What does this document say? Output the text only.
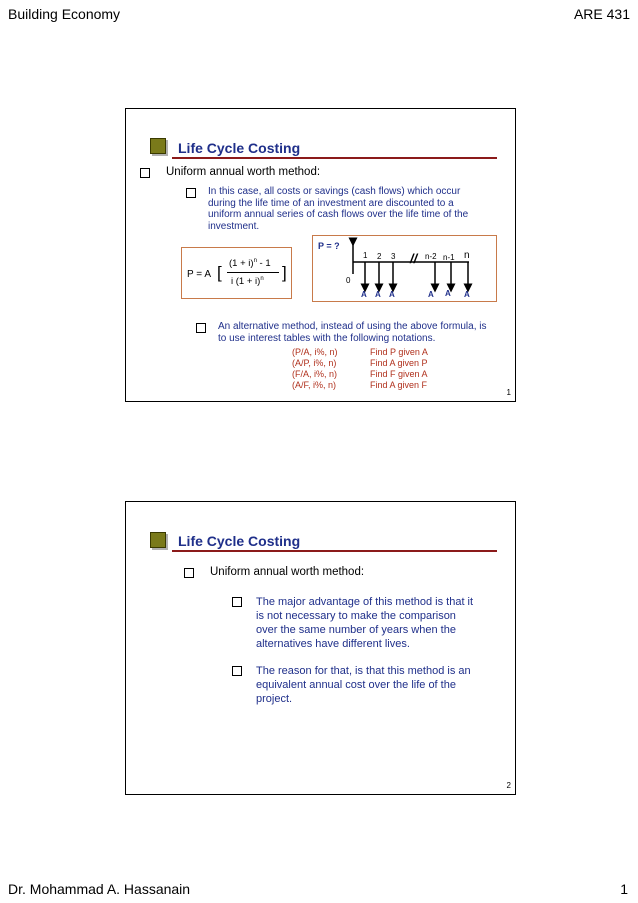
Building Economy	ARE 431
Dr. Mohammad A. Hassanain	1
Life Cycle Costing
Uniform annual worth method:
In this case, all costs or savings (cash flows) which occur
during the life time of an investment are discounted to a
uniform annual series of cash flows over the life time of the
investment.
P = A [ $(1 + i)^n - 1$
i $(1 + i)^n$ ]
P = ?
//
0
1 2 3	n-2 n-1 n
A A A	A A A
An alternative method, instead of using the above formula, is
to use interest tables with the following notations.
(P/A, i%, n)	Find P given A
(A/P, i%, n)	Find A given P
(F/A, i%, n)	Find F given A
(A/F, i%, n)	Find A given F
1
Life Cycle Costing
Uniform annual worth method:
The major advantage of this method is that it
is not necessary to make the comparison
over the same number of years when the
alternatives have different lives.
The reason for that, is that this method is an
equivalent annual cost over the life of the
project.
2
